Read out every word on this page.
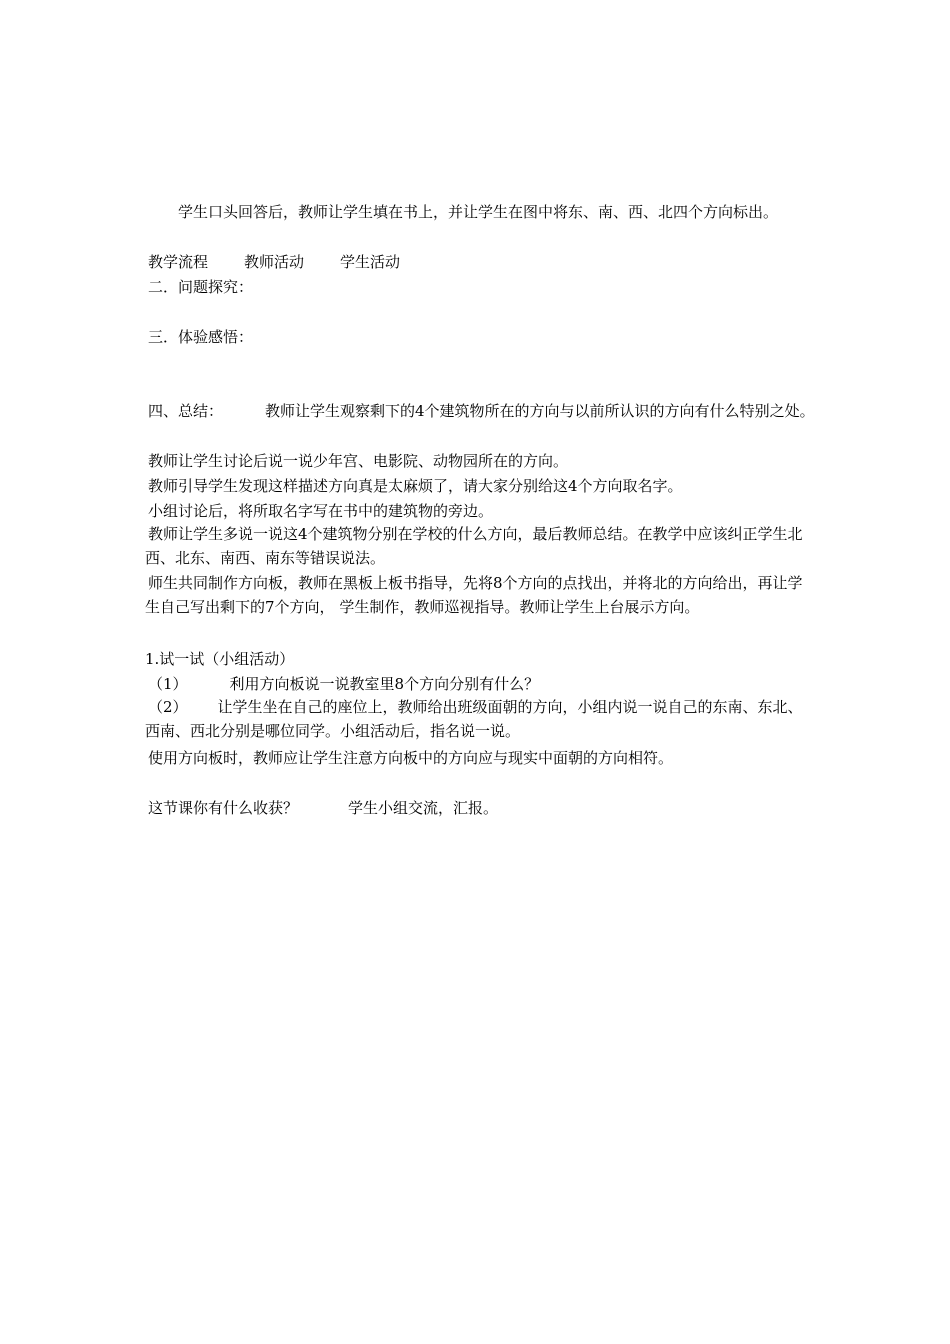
学生口头回答后，教师让学生填在书上，并让学生在图中将东、南、西、北四个方向标出。
教学流程 教师活动 学生活动
二．问题探究：
三．体验感悟：
四、总结：	教师让学生观察剩下的4个建筑物所在的方向与以前所认识的方向有什么特别之处。
教师让学生讨论后说一说少年宫、电影院、动物园所在的方向。
教师引导学生发现这样描述方向真是太麻烦了，请大家分别给这4个方向取名字。
小组讨论后，将所取名字写在书中的建筑物的旁边。
教师让学生多说一说这4个建筑物分别在学校的什么方向，最后教师总结。在教学中应该纠正学生北西、北东、南西、南东等错误说法。
师生共同制作方向板，教师在黑板上板书指导，先将8个方向的点找出，并将北的方向给出，再让学生自己写出剩下的7个方向， 学生制作，教师巡视指导。教师让学生上台展示方向。
1.试一试（小组活动）
（1）	利用方向板说一说教室里8个方向分别有什么？
（2） 让学生坐在自己的座位上，教师给出班级面朝的方向，小组内说一说自己的东南、东北、西南、西北分别是哪位同学。小组活动后，指名说一说。
使用方向板时，教师应让学生注意方向板中的方向应与现实中面朝的方向相符。
这节课你有什么收获？	学生小组交流，汇报。
